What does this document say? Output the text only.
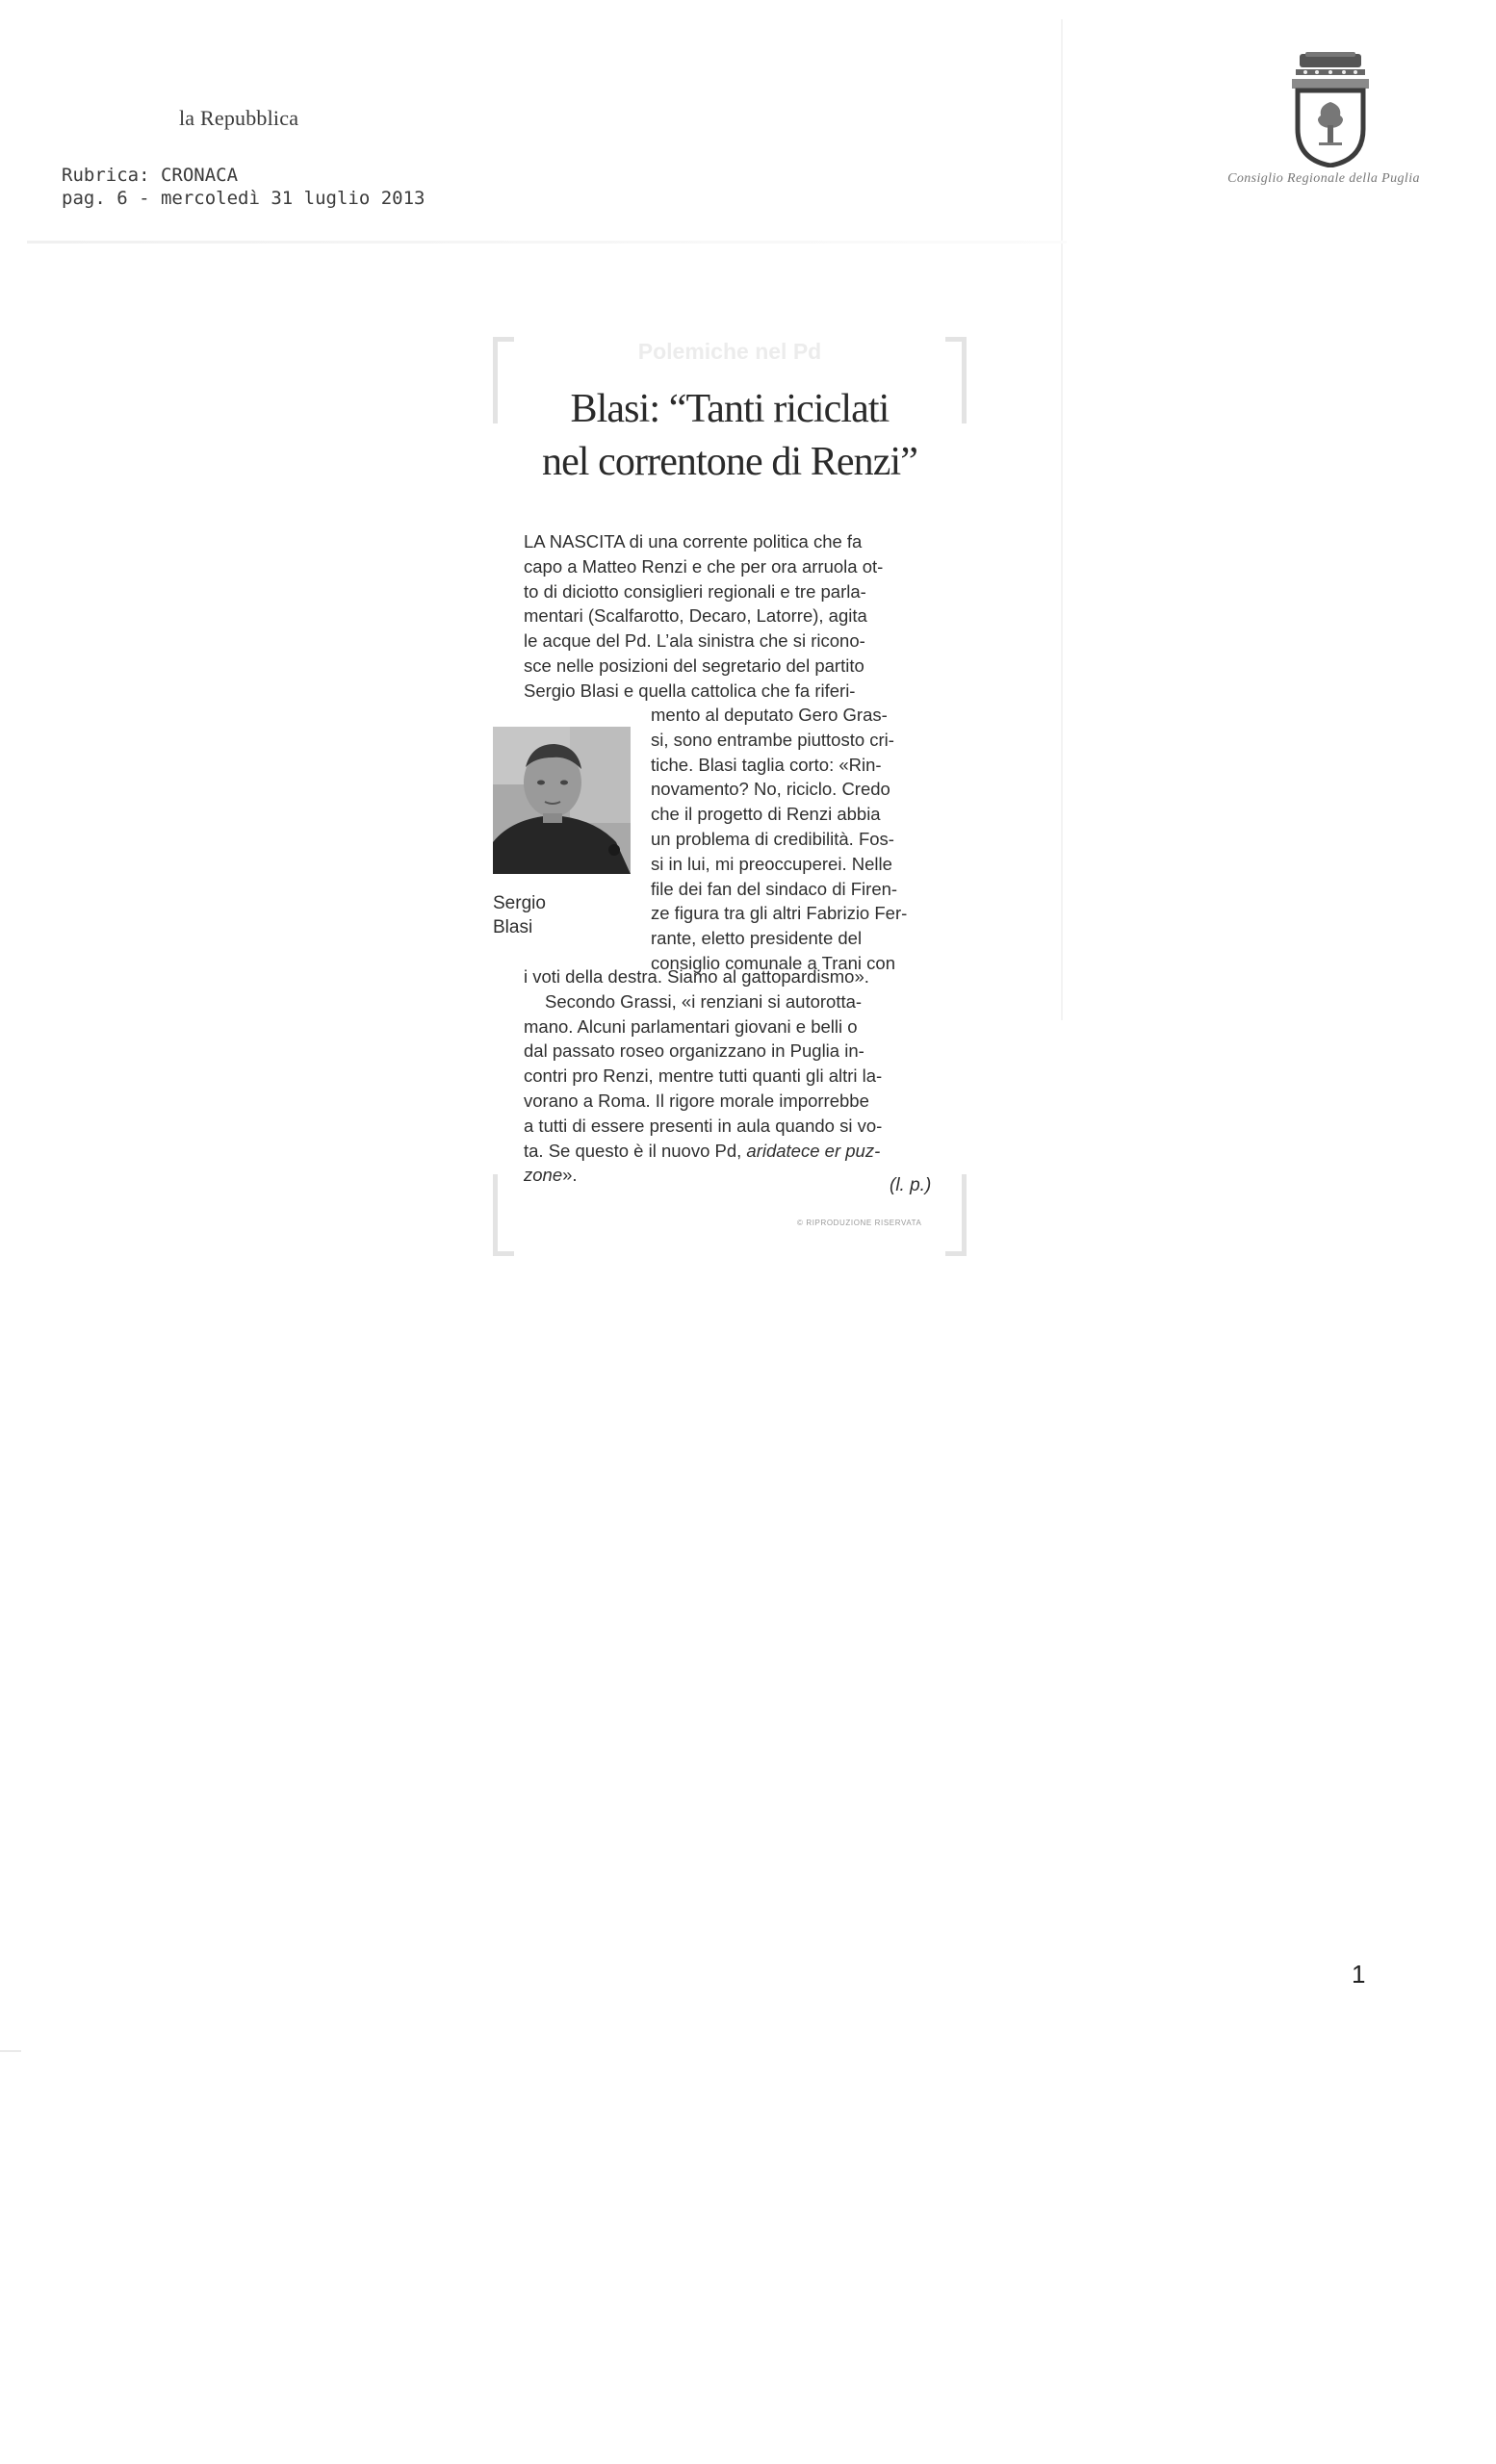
la Repubblica
Rubrica: CRONACA
pag. 6 - mercoledì 31 luglio 2013
Consiglio Regionale della Puglia
Polemiche nel Pd
Blasi: “Tanti riciclati
nel correntone di Renzi”
LA NASCITA di una corrente politica che fa
capo a Matteo Renzi e che per ora arruola ot-
to di diciotto consiglieri regionali e tre parla-
mentari (Scalfarotto, Decaro, Latorre), agita
le acque del Pd. L’ala sinistra che si ricono-
sce nelle posizioni del segretario del partito
Sergio Blasi e quella cattolica che fa riferi-
mento al deputato Gero Gras-
si, sono entrambe piuttosto cri-
tiche. Blasi taglia corto: «Rin-
novamento? No, riciclo. Credo
che il progetto di Renzi abbia
un problema di credibilità. Fos-
si in lui, mi preoccuperei. Nelle
file dei fan del sindaco di Firen-
ze figura tra gli altri Fabrizio Fer-
rante, eletto presidente del
consiglio comunale a Trani con
Sergio
Blasi
i voti della destra. Siamo al gattopardismo».
Secondo Grassi, «i renziani si autorotta-
mano. Alcuni parlamentari giovani e belli o
dal passato roseo organizzano in Puglia in-
contri pro Renzi, mentre tutti quanti gli altri la-
vorano a Roma. Il rigore morale imporrebbe
a tutti di essere presenti in aula quando si vo-
ta. Se questo è il nuovo Pd, aridatece er puz-
zone».
(l. p.)
© RIPRODUZIONE RISERVATA
1
